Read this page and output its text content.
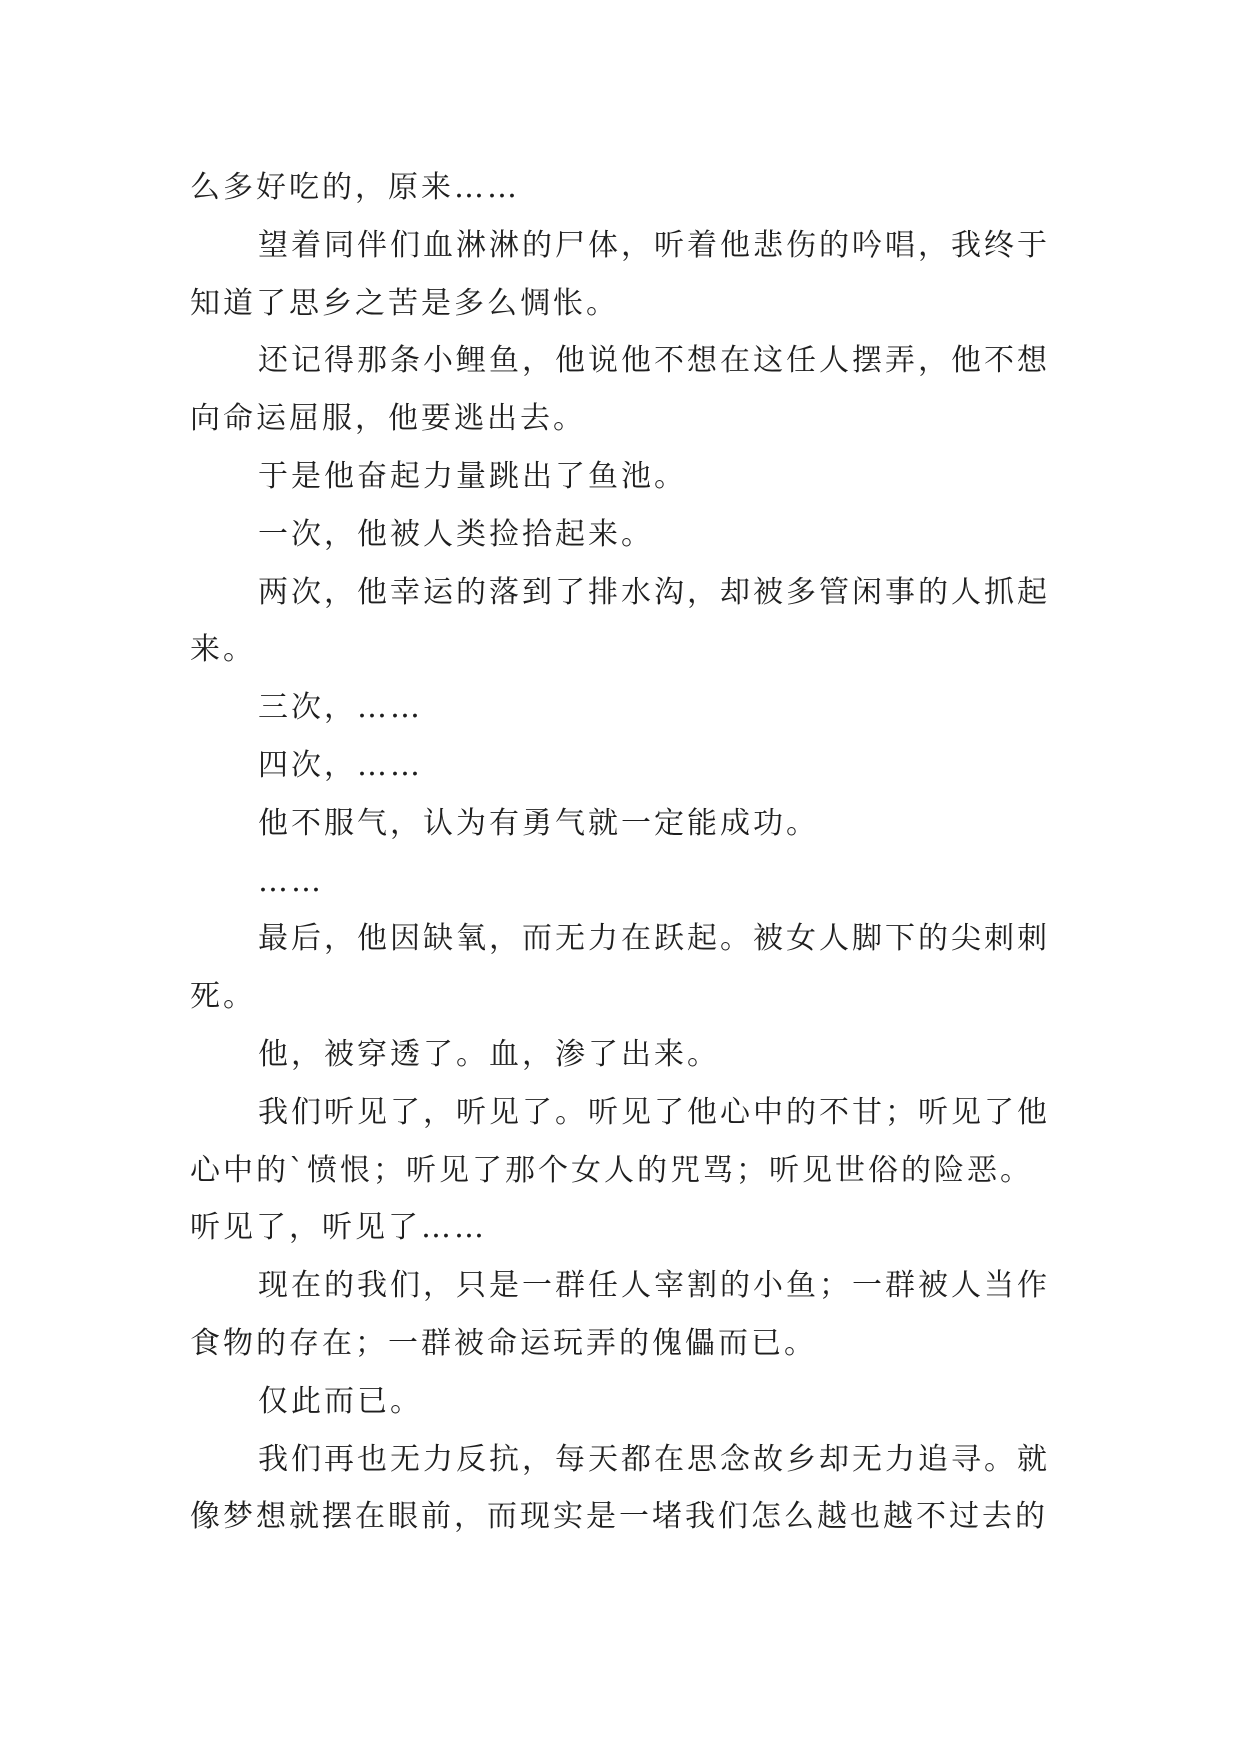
么多好吃的，原来……
望着同伴们血淋淋的尸体，听着他悲伤的吟唱，我终于
知道了思乡之苦是多么惆怅。
还记得那条小鲤鱼，他说他不想在这任人摆弄，他不想
向命运屈服，他要逃出去。
于是他奋起力量跳出了鱼池。
一次，他被人类捡拾起来。
两次，他幸运的落到了排水沟，却被多管闲事的人抓起
来。
三次，……
四次，……
他不服气，认为有勇气就一定能成功。
……
最后，他因缺氧，而无力在跃起。被女人脚下的尖刺刺
死。
他，被穿透了。血，渗了出来。
我们听见了，听见了。听见了他心中的不甘；听见了他
心中的`愤恨；听见了那个女人的咒骂；听见世俗的险恶。
听见了，听见了……
现在的我们，只是一群任人宰割的小鱼；一群被人当作
食物的存在；一群被命运玩弄的傀儡而已。
仅此而已。
我们再也无力反抗，每天都在思念故乡却无力追寻。就
像梦想就摆在眼前，而现实是一堵我们怎么越也越不过去的
